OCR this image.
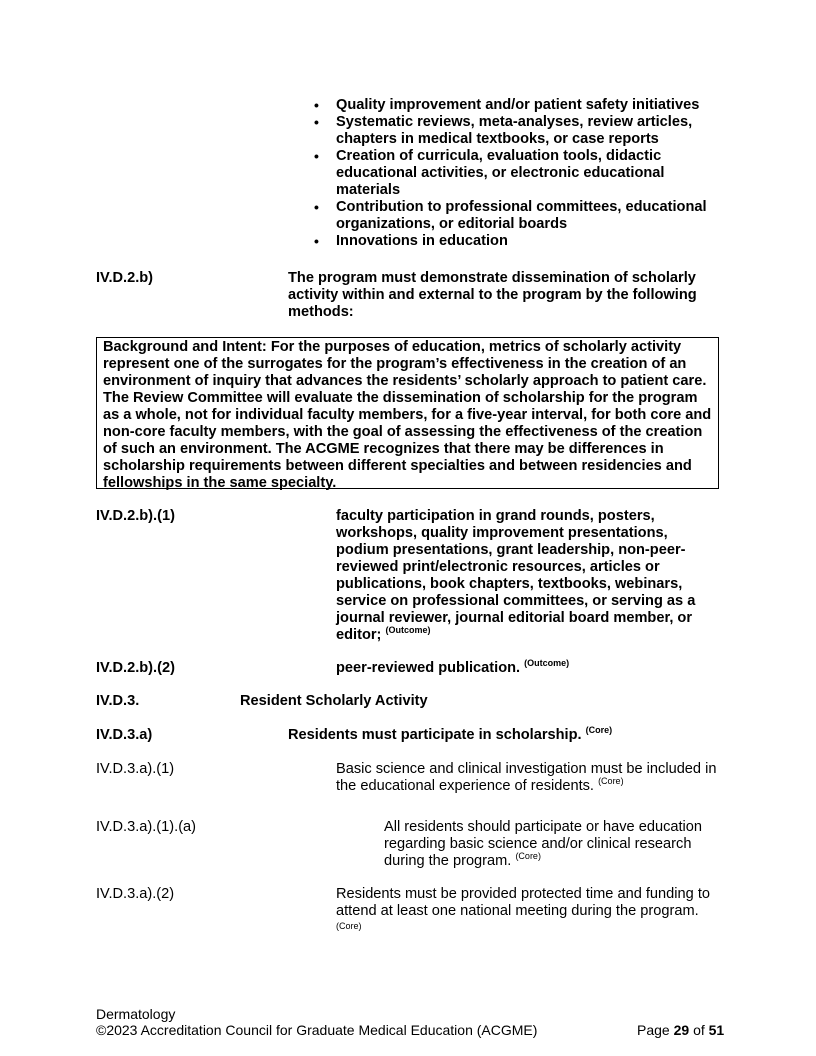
• Quality improvement and/or patient safety initiatives
• Systematic reviews, meta-analyses, review articles, chapters in medical textbooks, or case reports
• Creation of curricula, evaluation tools, didactic educational activities, or electronic educational materials
• Contribution to professional committees, educational organizations, or editorial boards
• Innovations in education
IV.D.2.b)	The program must demonstrate dissemination of scholarly activity within and external to the program by the following methods:
Background and Intent: For the purposes of education, metrics of scholarly activity represent one of the surrogates for the program’s effectiveness in the creation of an environment of inquiry that advances the residents’ scholarly approach to patient care. The Review Committee will evaluate the dissemination of scholarship for the program as a whole, not for individual faculty members, for a five-year interval, for both core and non-core faculty members, with the goal of assessing the effectiveness of the creation of such an environment. The ACGME recognizes that there may be differences in scholarship requirements between different specialties and between residencies and fellowships in the same specialty.
IV.D.2.b).(1)	faculty participation in grand rounds, posters, workshops, quality improvement presentations, podium presentations, grant leadership, non-peer-reviewed print/electronic resources, articles or publications, book chapters, textbooks, webinars, service on professional committees, or serving as a journal reviewer, journal editorial board member, or editor; $^{(Outcome)}$
IV.D.2.b).(2)	peer-reviewed publication. $^{(Outcome)}$
IV.D.3.	Resident Scholarly Activity
IV.D.3.a)	Residents must participate in scholarship. $^{(Core)}$
IV.D.3.a).(1)	Basic science and clinical investigation must be included in the educational experience of residents. $^{(Core)}$
IV.D.3.a).(1).(a)	All residents should participate or have education regarding basic science and/or clinical research during the program. $^{(Core)}$
IV.D.3.a).(2)	Residents must be provided protected time and funding to attend at least one national meeting during the program.
(Core)
Dermatology
©2023 Accreditation Council for Graduate Medical Education (ACGME)	Page 29 of 51
